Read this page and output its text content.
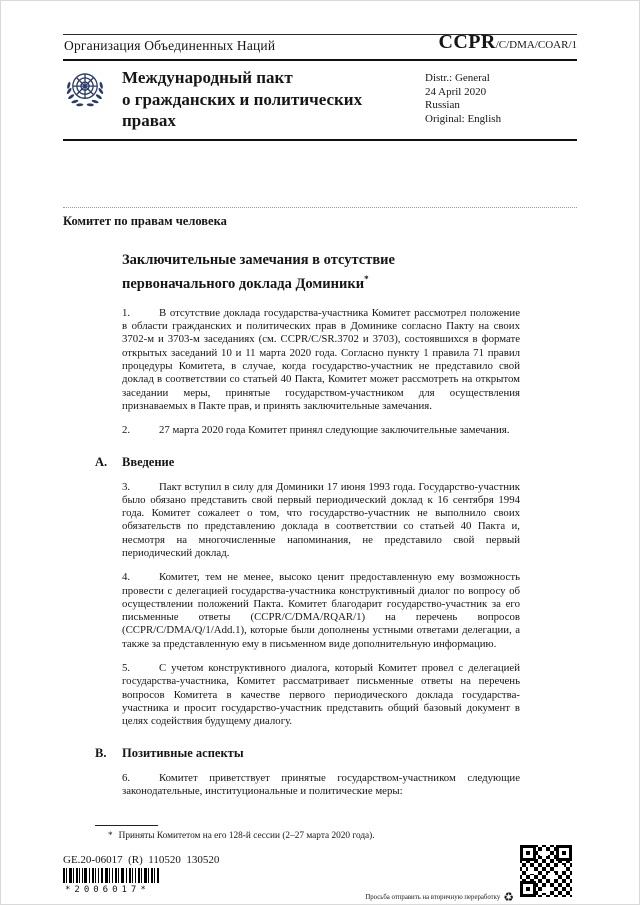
Организация Объединенных Наций	CCPR/C/DMA/COAR/1
Международный пакт
о гражданских и политических
правах
Distr.: General
24 April 2020
Russian
Original: English
Комитет по правам человека
Заключительные замечания в отсутствие первоначального доклада Доминики*

1.	В отсутствие доклада государства-участника Комитет рассмотрел положение в области гражданских и политических прав в Доминике согласно Пакту на своих 3702-м и 3703-м заседаниях (см. CCPR/C/SR.3702 и 3703), состоявшихся в формате открытых заседаний 10 и 11 марта 2020 года. Согласно пункту 1 правила 71 правил процедуры Комитета, в случае, когда государство-участник не представило свой доклад в соответствии со статьей 40 Пакта, Комитет может рассмотреть на открытом заседании меры, принятые государством-участником для осуществления признаваемых в Пакте прав, и принять заключительные замечания.

2.	27 марта 2020 года Комитет принял следующие заключительные замечания.

A. Введение

3.	Пакт вступил в силу для Доминики 17 июня 1993 года. Государство-участник было обязано представить свой первый периодический доклад к 16 сентября 1994 года. Комитет сожалеет о том, что государство-участник не выполнило своих обязательств по представлению доклада в соответствии со статьей 40 Пакта и, несмотря на многочисленные напоминания, не представило свой первый периодический доклад.

4.	Комитет, тем не менее, высоко ценит предоставленную ему возможность провести с делегацией государства-участника конструктивный диалог по вопросу об осуществлении положений Пакта. Комитет благодарит государство-участник за его письменные ответы (CCPR/C/DMA/RQAR/1) на перечень вопросов (CCPR/C/DMA/Q/1/Add.1), которые были дополнены устными ответами делегации, а также за представленную ему в письменном виде дополнительную информацию.

5.	С учетом конструктивного диалога, который Комитет провел с делегацией государства-участника, Комитет рассматривает письменные ответы на перечень вопросов Комитета в качестве первого периодического доклада государства-участника и просит государство-участник представить общий базовый документ в целях содействия будущему диалогу.

B. Позитивные аспекты

6.	Комитет приветствует принятые государством-участником следующие законодательные, институциональные и политические меры:

* Приняты Комитетом на его 128-й сессии (2–27 марта 2020 года).
GE.20-06017  (R)  110520  130520
*2006017*
Просьба отправить на вторичную переработку ♻
